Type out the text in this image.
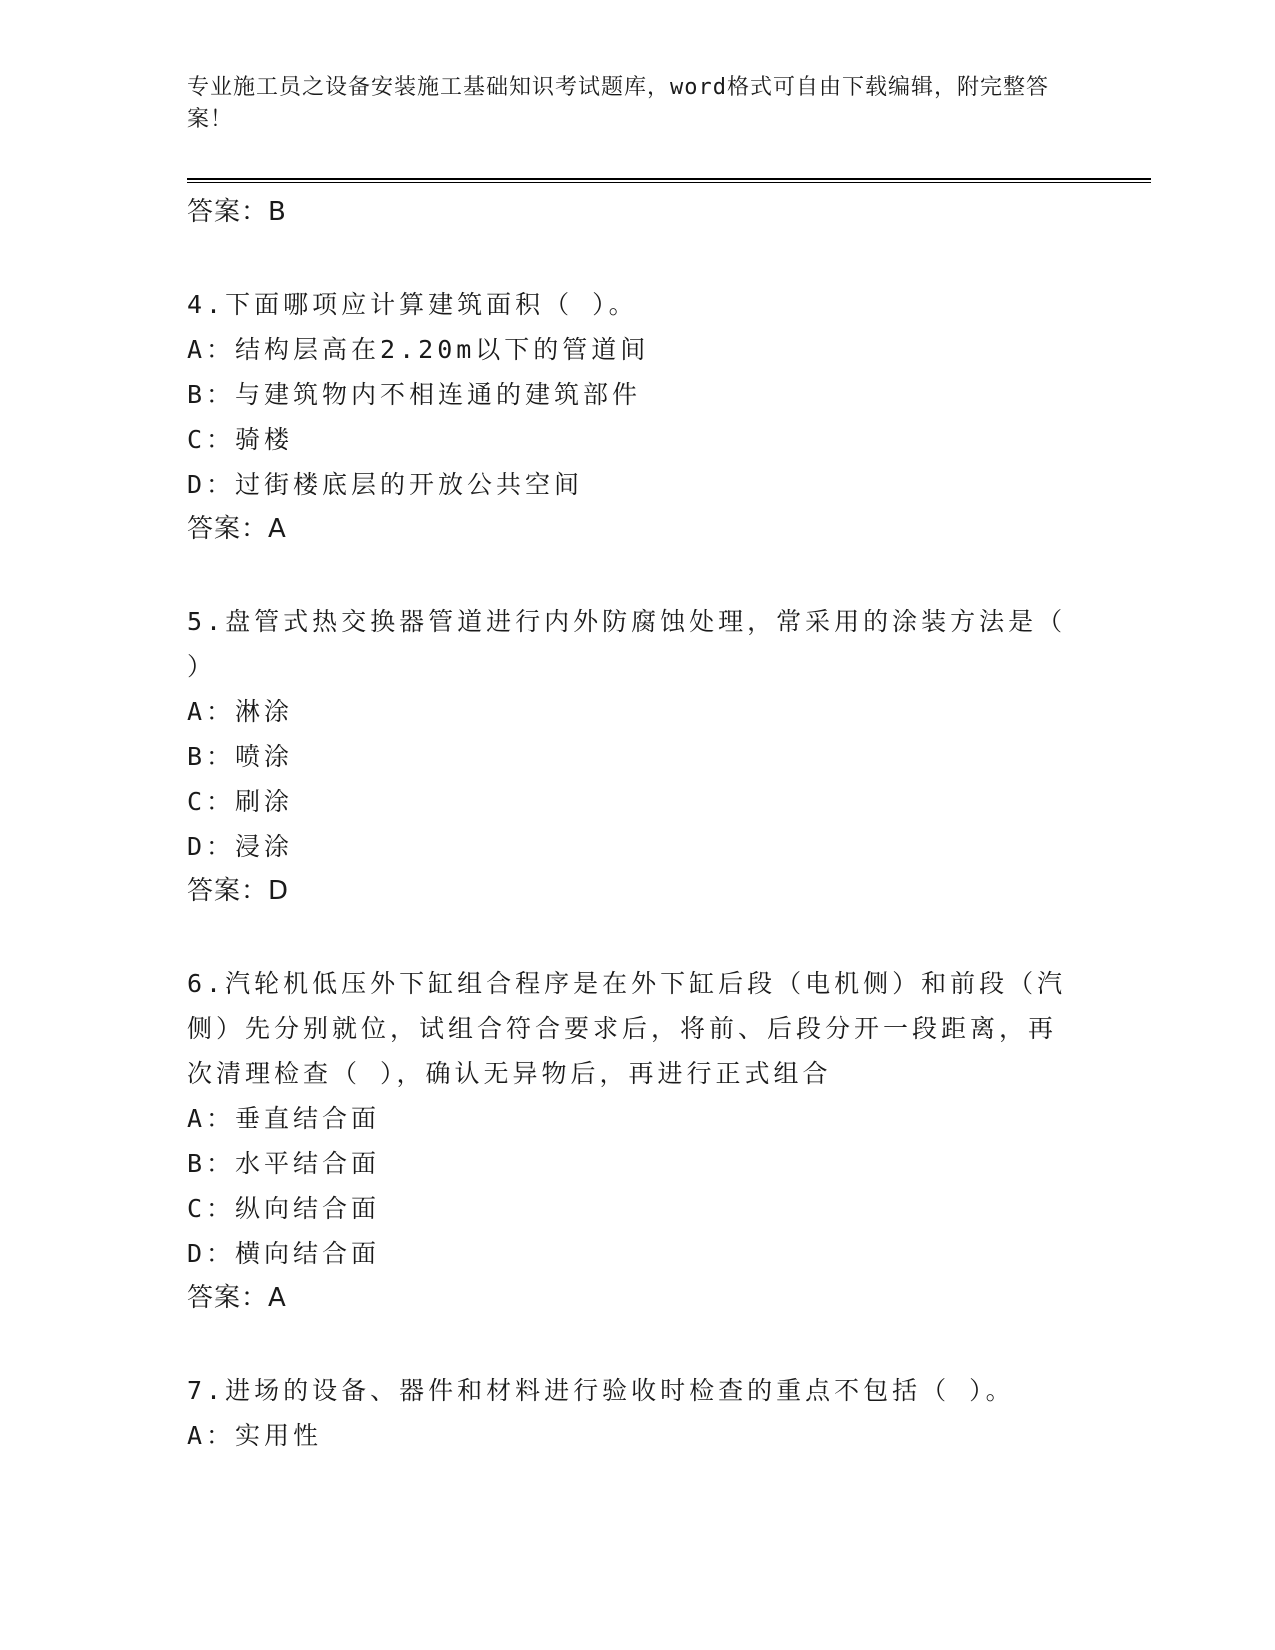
专业施工员之设备安装施工基础知识考试题库，word格式可自由下载编辑，附完整答案！
答案：B
4.下面哪项应计算建筑面积（ ）。
A：结构层高在2.20m以下的管道间
B：与建筑物内不相连通的建筑部件
C：骑楼
D：过街楼底层的开放公共空间
答案：A
5.盘管式热交换器管道进行内外防腐蚀处理，常采用的涂装方法是（ ）
A：淋涂
B：喷涂
C：刷涂
D：浸涂
答案：D
6.汽轮机低压外下缸组合程序是在外下缸后段（电机侧）和前段（汽侧）先分别就位，试组合符合要求后，将前、后段分开一段距离，再次清理检查（ ），确认无异物后，再进行正式组合
A：垂直结合面
B：水平结合面
C：纵向结合面
D：横向结合面
答案：A
7.进场的设备、器件和材料进行验收时检查的重点不包括（ ）。
A：实用性
